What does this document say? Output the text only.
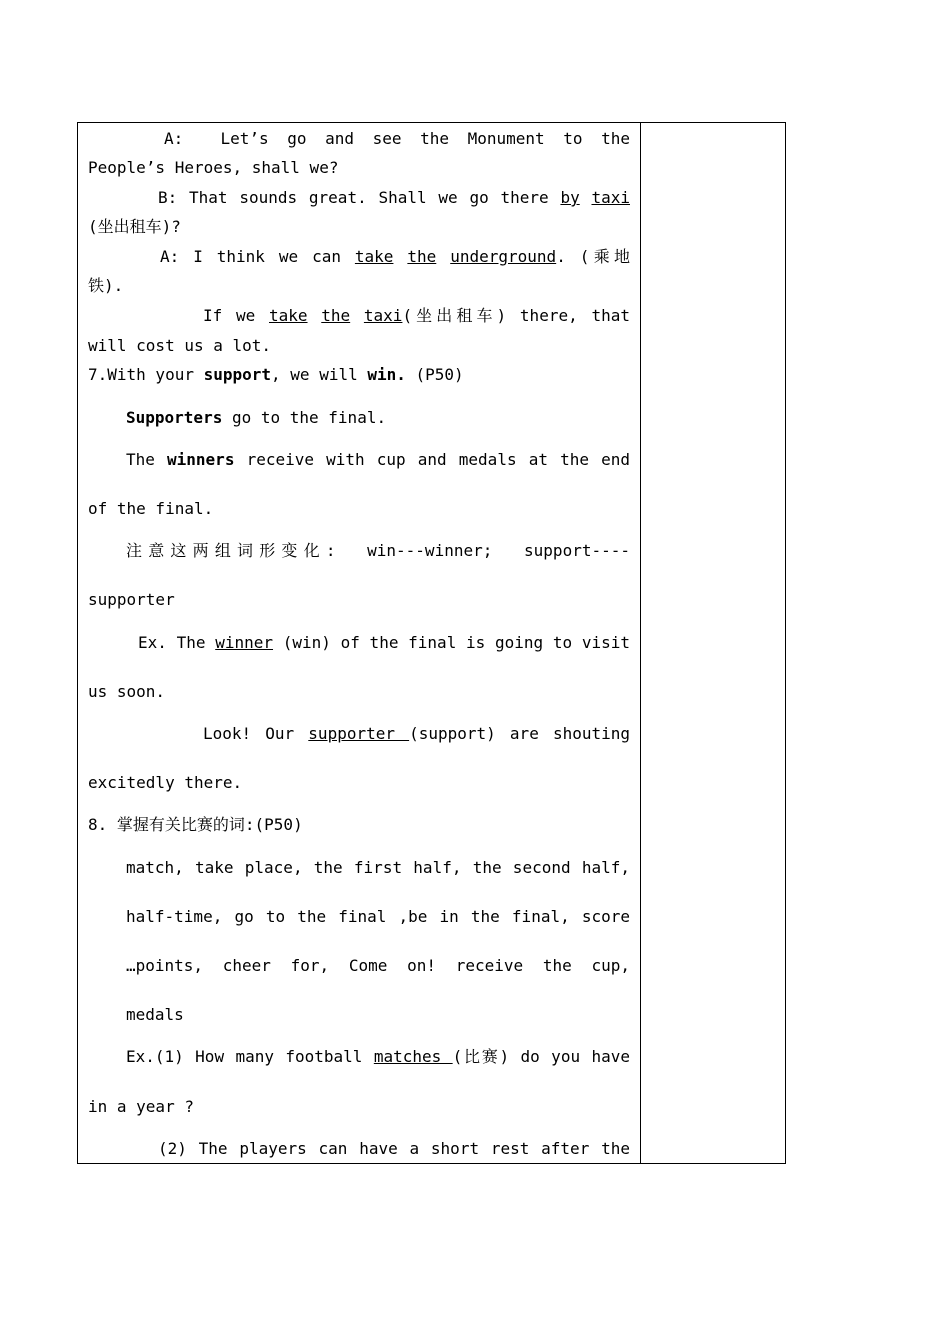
A:  Let’s go and see the Monument to the
People’s Heroes, shall we?
B: That sounds great. Shall we go there by taxi
(坐出租车)?
A: I think we can take the underground. (乘地
铁).
If we take the taxi(坐出租车) there, that
will cost us a lot.
7.With your support, we will win. (P50)
Supporters go to the final.
The winners receive with cup and medals at the end
of the final.
注意这两组词形变化:  win---winner;  support----
supporter
Ex. The winner (win) of the final is going to visit
us soon.
Look! Our supporter (support) are shouting
excitedly there.
8. 掌握有关比赛的词:(P50)
match, take place, the first half, the second half,
half-time, go to the final ,be in the final, score
…points, cheer for, Come on! receive the cup,
medals
Ex.(1) How many football matches (比赛) do you have
in a year ?
(2) The players can have a short rest after the
